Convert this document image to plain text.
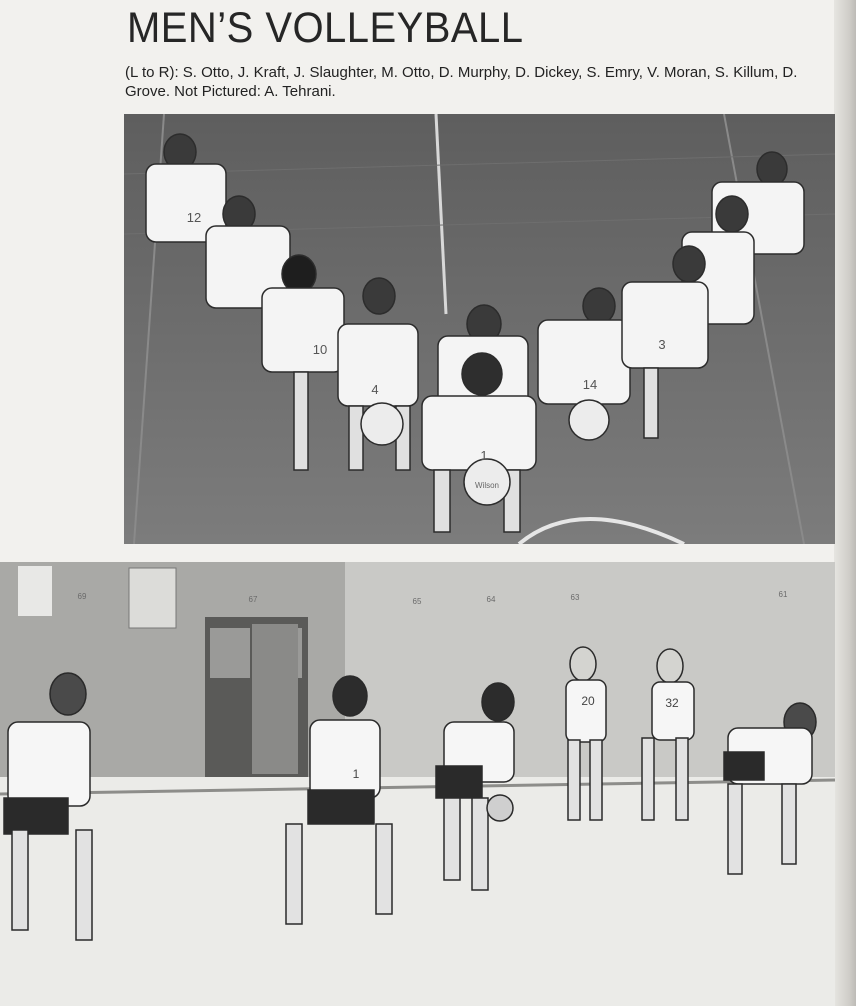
MEN’S VOLLEYBALL

(L to R): S. Otto, J. Kraft, J. Slaughter, M. Otto, D. Murphy, D. Dickey, S. Emry, V. Moran, S. Killum, D. Grove. Not Pictured: A. Tehrani.

12
10
4
1
14
3
Wilson
69	67	65	64	63	61
1
20	32
